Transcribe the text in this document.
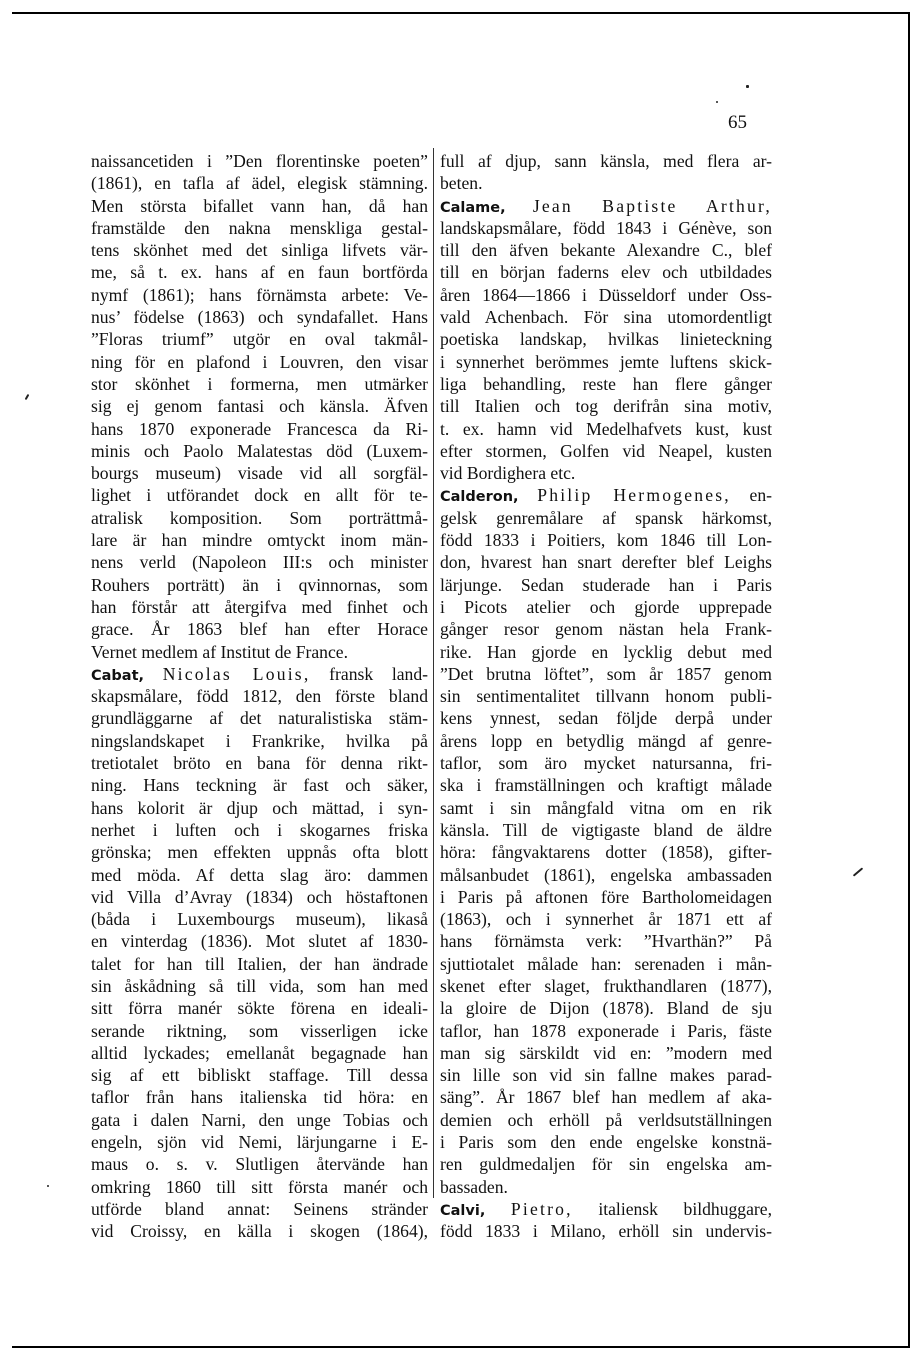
65
naissancetiden i ”Den florentinske poeten”
(1861), en tafla af ädel, elegisk stämning.
Men största bifallet vann han, då han
framstälde den nakna menskliga gestal-
tens skönhet med det sinliga lifvets vär-
me, så t. ex. hans af en faun bortförda
nymf (1861); hans förnämsta arbete: Ve-
nus’ födelse (1863) och syndafallet. Hans
”Floras triumf” utgör en oval takmål-
ning för en plafond i Louvren, den visar
stor skönhet i formerna, men utmärker
sig ej genom fantasi och känsla. Äfven
hans 1870 exponerade Francesca da Ri-
minis och Paolo Malatestas död (Luxem-
bourgs museum) visade vid all sorgfäl-
lighet i utförandet dock en allt för te-
atralisk komposition. Som porträttmå-
lare är han mindre omtyckt inom män-
nens verld (Napoleon III:s och minister
Rouhers porträtt) än i qvinnornas, som
han förstår att återgifva med finhet och
grace. År 1863 blef han efter Horace
Vernet medlem af Institut de France.
Cabat, Nicolas Louis, fransk land-
skapsmålare, född 1812, den förste bland
grundläggarne af det naturalistiska stäm-
ningslandskapet i Frankrike, hvilka på
tretiotalet bröto en bana för denna rikt-
ning. Hans teckning är fast och säker,
hans kolorit är djup och mättad, i syn-
nerhet i luften och i skogarnes friska
grönska; men effekten uppnås ofta blott
med möda. Af detta slag äro: dammen
vid Villa d’Avray (1834) och höstaftonen
(båda i Luxembourgs museum), likaså
en vinterdag (1836). Mot slutet af 1830-
talet for han till Italien, der han ändrade
sin åskådning så till vida, som han med
sitt förra manér sökte förena en ideali-
serande riktning, som visserligen icke
alltid lyckades; emellanåt begagnade han
sig af ett bibliskt staffage. Till dessa
taflor från hans italienska tid höra: en
gata i dalen Narni, den unge Tobias och
engeln, sjön vid Nemi, lärjungarne i E-
maus o. s. v. Slutligen återvände han
omkring 1860 till sitt första manér och
utförde bland annat: Seinens stränder
vid Croissy, en källa i skogen (1864),
full af djup, sann känsla, med flera ar-
beten.
Calame, Jean Baptiste Arthur,
landskapsmålare, född 1843 i Génève, son
till den äfven bekante Alexandre C., blef
till en början faderns elev och utbildades
åren 1864—1866 i Düsseldorf under Oss-
vald Achenbach. För sina utomordentligt
poetiska landskap, hvilkas linieteckning
i synnerhet berömmes jemte luftens skick-
liga behandling, reste han flere gånger
till Italien och tog derifrån sina motiv,
t. ex. hamn vid Medelhafvets kust, kust
efter stormen, Golfen vid Neapel, kusten
vid Bordighera etc.
Calderon, Philip Hermogenes, en-
gelsk genremålare af spansk härkomst,
född 1833 i Poitiers, kom 1846 till Lon-
don, hvarest han snart derefter blef Leighs
lärjunge. Sedan studerade han i Paris
i Picots atelier och gjorde upprepade
gånger resor genom nästan hela Frank-
rike. Han gjorde en lycklig debut med
”Det brutna löftet”, som år 1857 genom
sin sentimentalitet tillvann honom publi-
kens ynnest, sedan följde derpå under
årens lopp en betydlig mängd af genre-
taflor, som äro mycket natursanna, fri-
ska i framställningen och kraftigt målade
samt i sin mångfald vitna om en rik
känsla. Till de vigtigaste bland de äldre
höra: fångvaktarens dotter (1858), gifter-
målsanbudet (1861), engelska ambassaden
i Paris på aftonen före Bartholomeidagen
(1863), och i synnerhet år 1871 ett af
hans förnämsta verk: ”Hvarthän?” På
sjuttiotalet målade han: serenaden i mån-
skenet efter slaget, frukthandlaren (1877),
la gloire de Dijon (1878). Bland de sju
taflor, han 1878 exponerade i Paris, fäste
man sig särskildt vid en: ”modern med
sin lille son vid sin fallne makes parad-
säng”. År 1867 blef han medlem af aka-
demien och erhöll på verldsutställningen
i Paris som den ende engelske konstnä-
ren guldmedaljen för sin engelska am-
bassaden.
Calvi, Pietro, italiensk bildhuggare,
född 1833 i Milano, erhöll sin undervis-
